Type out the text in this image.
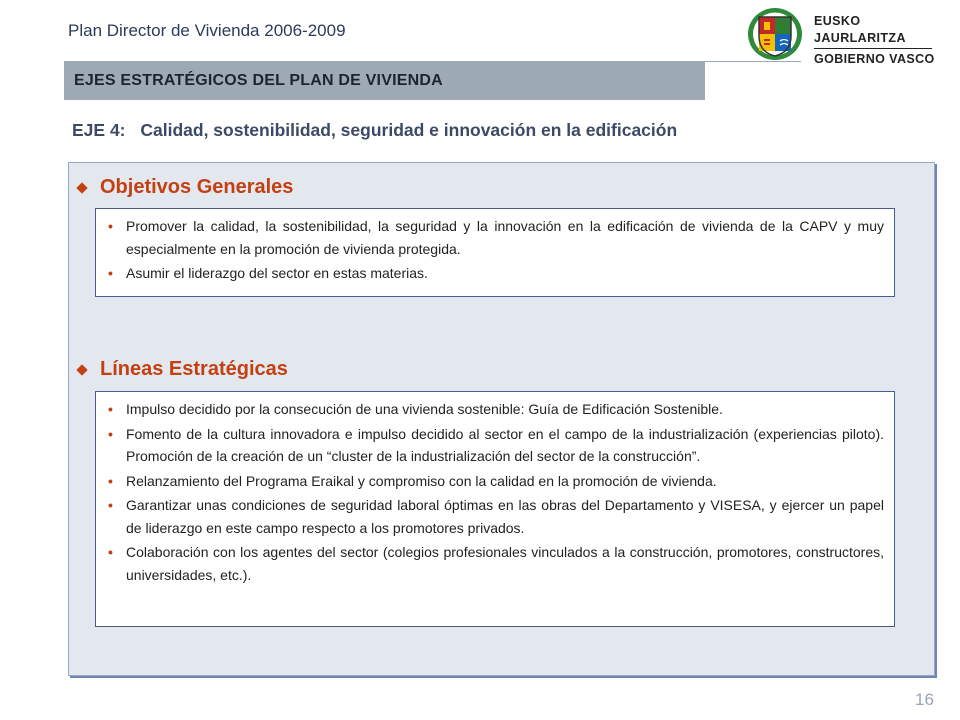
Plan Director de Vivienda 2006-2009	EUSKO JAURLARITZA
GOBIERNO VASCO
EJES ESTRATÉGICOS DEL PLAN DE VIVIENDA
EJE 4: Calidad, sostenibilidad, seguridad e innovación en la edificación
Objetivos Generales
• Promover la calidad, la sostenibilidad, la seguridad y la innovación en la edificación de vivienda de la CAPV y muy especialmente en la promoción de vivienda protegida.
• Asumir el liderazgo del sector en estas materias.
Líneas Estratégicas
• Impulso decidido por la consecución de una vivienda sostenible: Guía de Edificación Sostenible.
• Fomento de la cultura innovadora e impulso decidido al sector en el campo de la industrialización (experiencias piloto). Promoción de la creación de un “cluster de la industrialización del sector de la construcción”.
• Relanzamiento del Programa Eraikal y compromiso con la calidad en la promoción de vivienda.
• Garantizar unas condiciones de seguridad laboral óptimas en las obras del Departamento y VISESA, y ejercer un papel de liderazgo en este campo respecto a los promotores privados.
• Colaboración con los agentes del sector (colegios profesionales vinculados a la construcción, promotores, constructores, universidades, etc.).
16
